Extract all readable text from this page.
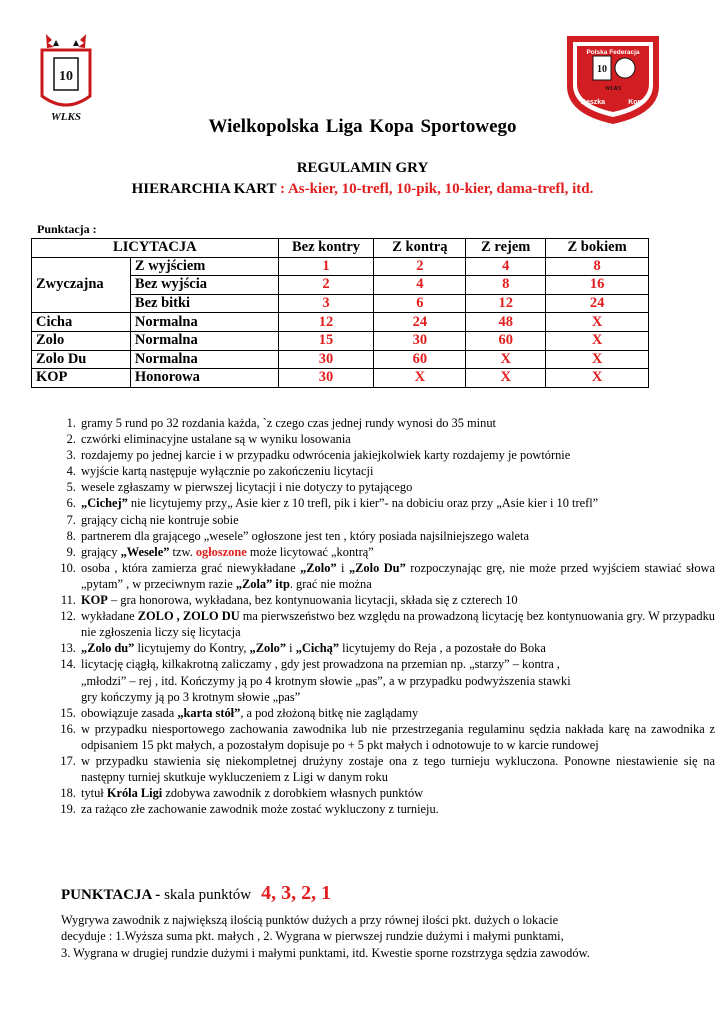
10
WLKS
10
Polska Federacja
WLKS
Baszka	Kop
Wielkopolska Liga Kopa Sportowego
REGULAMIN GRY
HIERARCHIA KART : As-kier, 10-trefl, 10-pik, 10-kier, dama-trefl, itd.
Punktacja :
LICYTACJA		Bez kontry	Z kontrą	Z rejem	Z bokiem
Zwyczajna	Z wyjściem	1	2	4	8
	Bez wyjścia	2	4	8	16
	Bez bitki	3	6	12	24
Cicha	Normalna	12	24	48	X
Zolo	Normalna	15	30	60	X
Zolo Du	Normalna	30	60	X	X
KOP	Honorowa	30	X	X	X
1. gramy 5 rund po 32 rozdania każda, `z czego czas jednej rundy wynosi do 35 minut
2. czwórki eliminacyjne ustalane są w wyniku losowania
3. rozdajemy po jednej karcie i w przypadku odwrócenia jakiejkolwiek karty rozdajemy je powtórnie
4. wyjście kartą następuje wyłącznie po zakończeniu licytacji
5. wesele zgłaszamy w pierwszej licytacji i nie dotyczy to pytającego
6. „Cichej” nie licytujemy przy„ Asie kier z 10 trefl, pik i kier”- na dobiciu oraz przy „Asie kier i 10 trefl”
7. grający cichą nie kontruje sobie
8. partnerem dla grającego „wesele” ogłoszone jest ten , który posiada najsilniejszego waleta
9. grający „Wesele” tzw. ogłoszone może licytować „kontrą”
10. osoba , która zamierza grać niewykładane „Zolo” i „Zolo Du” rozpoczynając grę, nie może przed wyjściem stawiać słowa „pytam” , w przeciwnym razie „Zola” itp. grać nie można
11. KOP – gra honorowa, wykładana, bez kontynuowania licytacji, składa się z czterech 10
12. wykładane ZOLO , ZOLO DU ma pierwszeństwo bez względu na prowadzoną licytację bez kontynuowania gry. W przypadku nie zgłoszenia liczy się licytacja
13. „Zolo du” licytujemy do Kontry, „Zolo” i „Cichą” licytujemy do Reja , a pozostałe do Boka
14. licytację ciągłą, kilkakrotną zaliczamy , gdy jest prowadzona na przemian np. „starzy” – kontra ,
„młodzi” – rej , itd. Kończymy ją po 4 krotnym słowie „pas”, a w przypadku podwyższenia stawki
gry kończymy ją po 3 krotnym słowie „pas”
15. obowiązuje zasada „karta stół”, a pod złożoną bitkę nie zaglądamy
16. w przypadku niesportowego zachowania zawodnika lub nie przestrzegania regulaminu sędzia nakłada karę na zawodnika z odpisaniem 15 pkt małych, a pozostałym dopisuje po + 5 pkt małych i odnotowuje to w karcie rundowej
17. w przypadku stawienia się niekompletnej drużyny zostaje ona z tego turnieju wykluczona. Ponowne niestawienie się na następny turniej skutkuje wykluczeniem z Ligi w danym roku
18. tytuł Króla Ligi zdobywa zawodnik z dorobkiem własnych punktów
19. za rażąco złe zachowanie zawodnik może zostać wykluczony z turnieju.
PUNKTACJA - skala punktów 4, 3, 2, 1
Wygrywa zawodnik z największą ilością punktów dużych a przy równej ilości pkt. dużych o lokacie
decyduje : 1.Wyższa suma pkt. małych , 2. Wygrana w pierwszej rundzie dużymi i małymi punktami,
3. Wygrana w drugiej rundzie dużymi i małymi punktami, itd. Kwestie sporne rozstrzyga sędzia zawodów.
